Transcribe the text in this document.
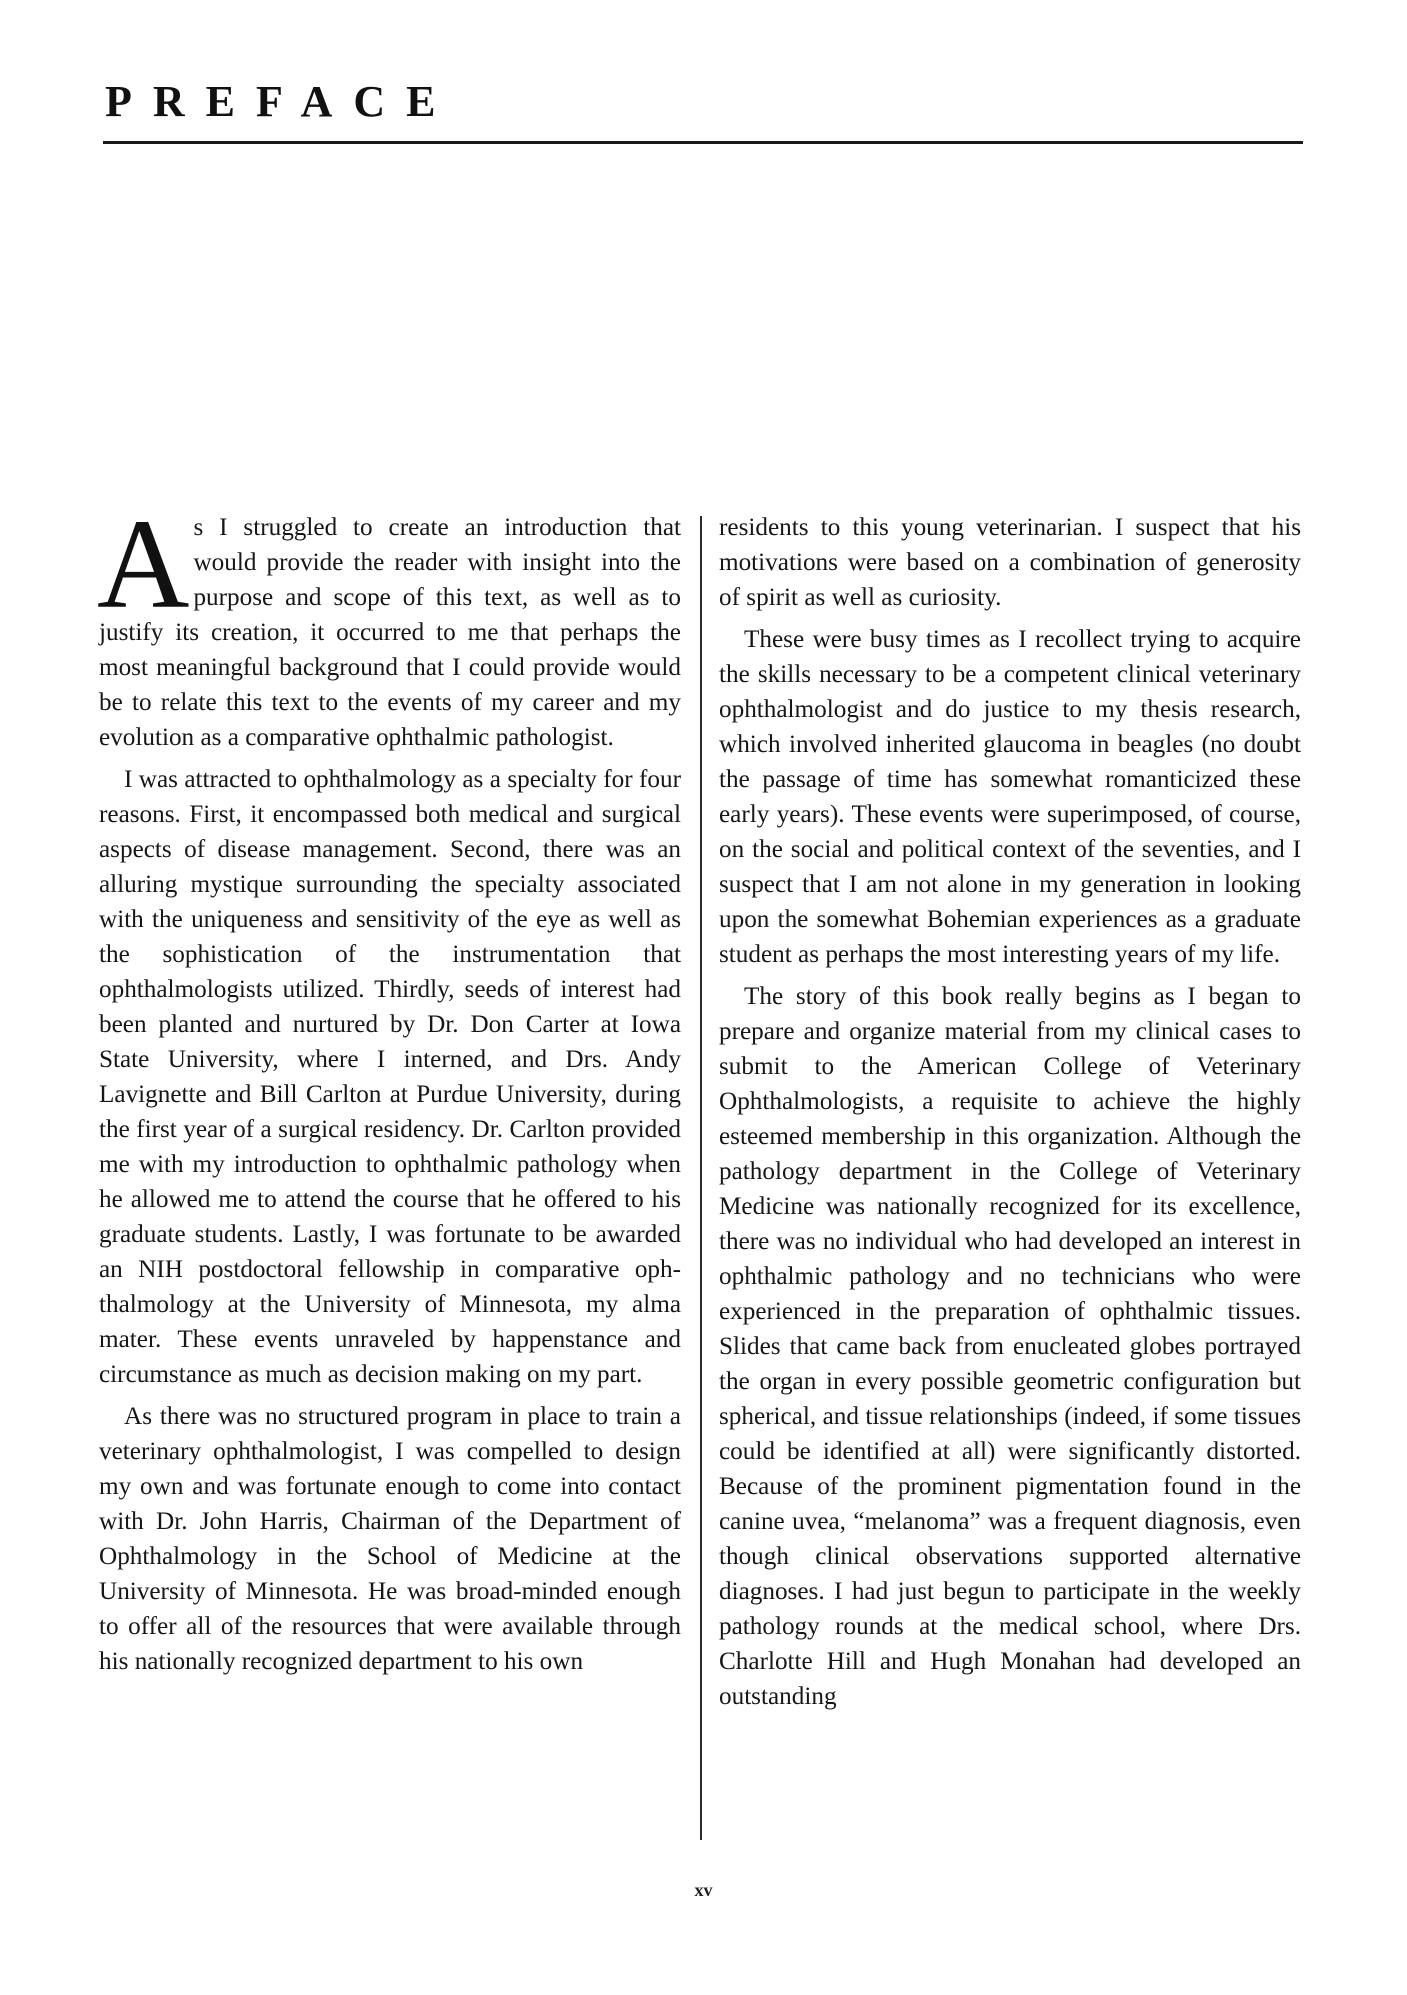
PREFACE

As I struggled to create an introduction that would provide the reader with insight into the purpose and scope of this text, as well as to justify its creation, it occurred to me that perhaps the most meaningful background that I could provide would be to relate this text to the events of my career and my evolution as a comparative ophthalmic pathologist.

I was attracted to ophthalmology as a specialty for four reasons. First, it encompassed both medical and surgical aspects of disease management. Second, there was an alluring mystique surrounding the specialty associated with the uniqueness and sensitivity of the eye as well as the sophistication of the instrumentation that ophthalmologists utilized. Thirdly, seeds of interest had been planted and nurtured by Dr. Don Carter at Iowa State University, where I interned, and Drs. Andy Lavignette and Bill Carlton at Purdue University, during the first year of a surgical residency. Dr. Carlton provided me with my introduction to ophthalmic pathology when he allowed me to attend the course that he offered to his graduate students. Lastly, I was fortunate to be awarded an NIH postdoctoral fellowship in comparative ophthalmology at the University of Minnesota, my alma mater. These events unraveled by happenstance and circumstance as much as decision making on my part.

As there was no structured program in place to train a veterinary ophthalmologist, I was compelled to design my own and was fortunate enough to come into contact with Dr. John Harris, Chairman of the Department of Ophthalmology in the School of Medicine at the University of Minnesota. He was broad-minded enough to offer all of the resources that were available through his nationally recognized department to his own

residents to this young veterinarian. I suspect that his motivations were based on a combination of generosity of spirit as well as curiosity.

These were busy times as I recollect trying to acquire the skills necessary to be a competent clinical veterinary ophthalmologist and do justice to my thesis research, which involved inherited glaucoma in beagles (no doubt the passage of time has somewhat romanticized these early years). These events were superimposed, of course, on the social and political context of the seventies, and I suspect that I am not alone in my generation in looking upon the somewhat Bohemian experiences as a graduate student as perhaps the most interesting years of my life.

The story of this book really begins as I began to prepare and organize material from my clinical cases to submit to the American College of Veterinary Ophthalmologists, a requisite to achieve the highly esteemed membership in this organization. Although the pathology department in the College of Veterinary Medicine was nationally recognized for its excellence, there was no individual who had developed an interest in ophthalmic pathology and no technicians who were experienced in the preparation of ophthalmic tissues. Slides that came back from enucleated globes portrayed the organ in every possible geometric configuration but spherical, and tissue relationships (indeed, if some tissues could be identified at all) were significantly distorted. Because of the prominent pigmentation found in the canine uvea, “melanoma” was a frequent diagnosis, even though clinical observations supported alternative diagnoses. I had just begun to participate in the weekly pathology rounds at the medical school, where Drs. Charlotte Hill and Hugh Monahan had developed an outstanding

xv
